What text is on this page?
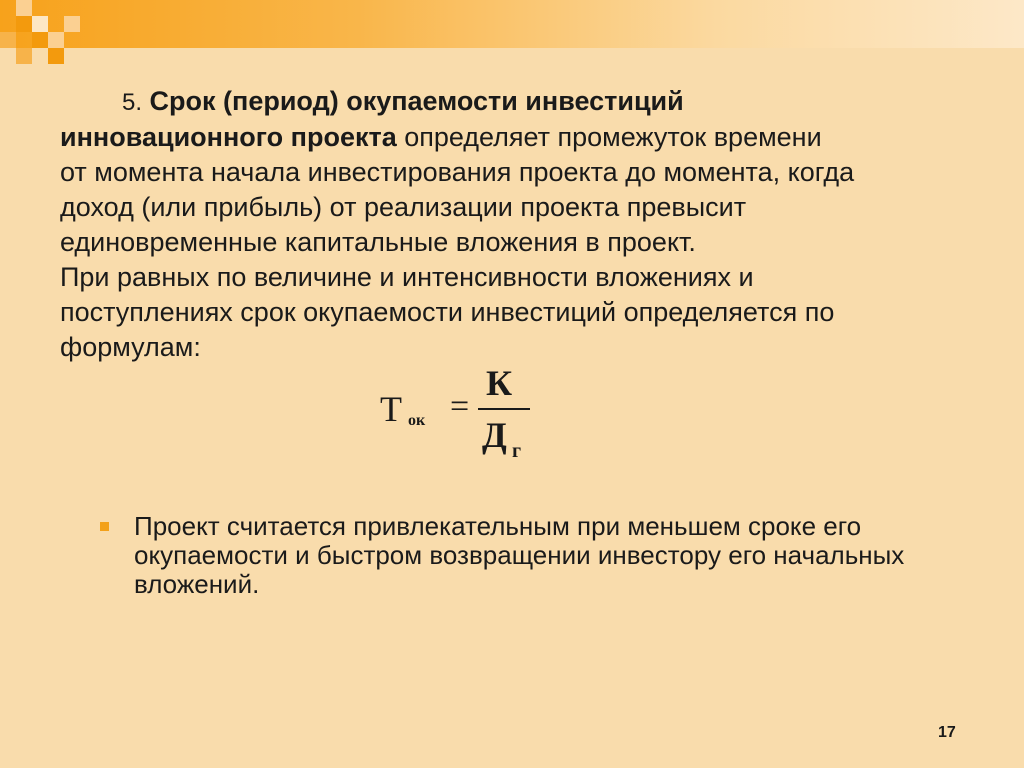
5. Срок (период) окупаемости инвестиций
инновационного проекта определяет промежуток времени
от момента начала инвестирования проекта до момента, когда
доход (или прибыль) от реализации проекта превысит
единовременные капитальные вложения в проект.
При равных по величине и интенсивности вложениях и
поступлениях срок окупаемости инвестиций определяется по
формулам:

Т ок =
К
Д г
Проект считается привлекательным при меньшем сроке его
окупаемости и быстром возвращении инвестору его начальных
вложений.
17
